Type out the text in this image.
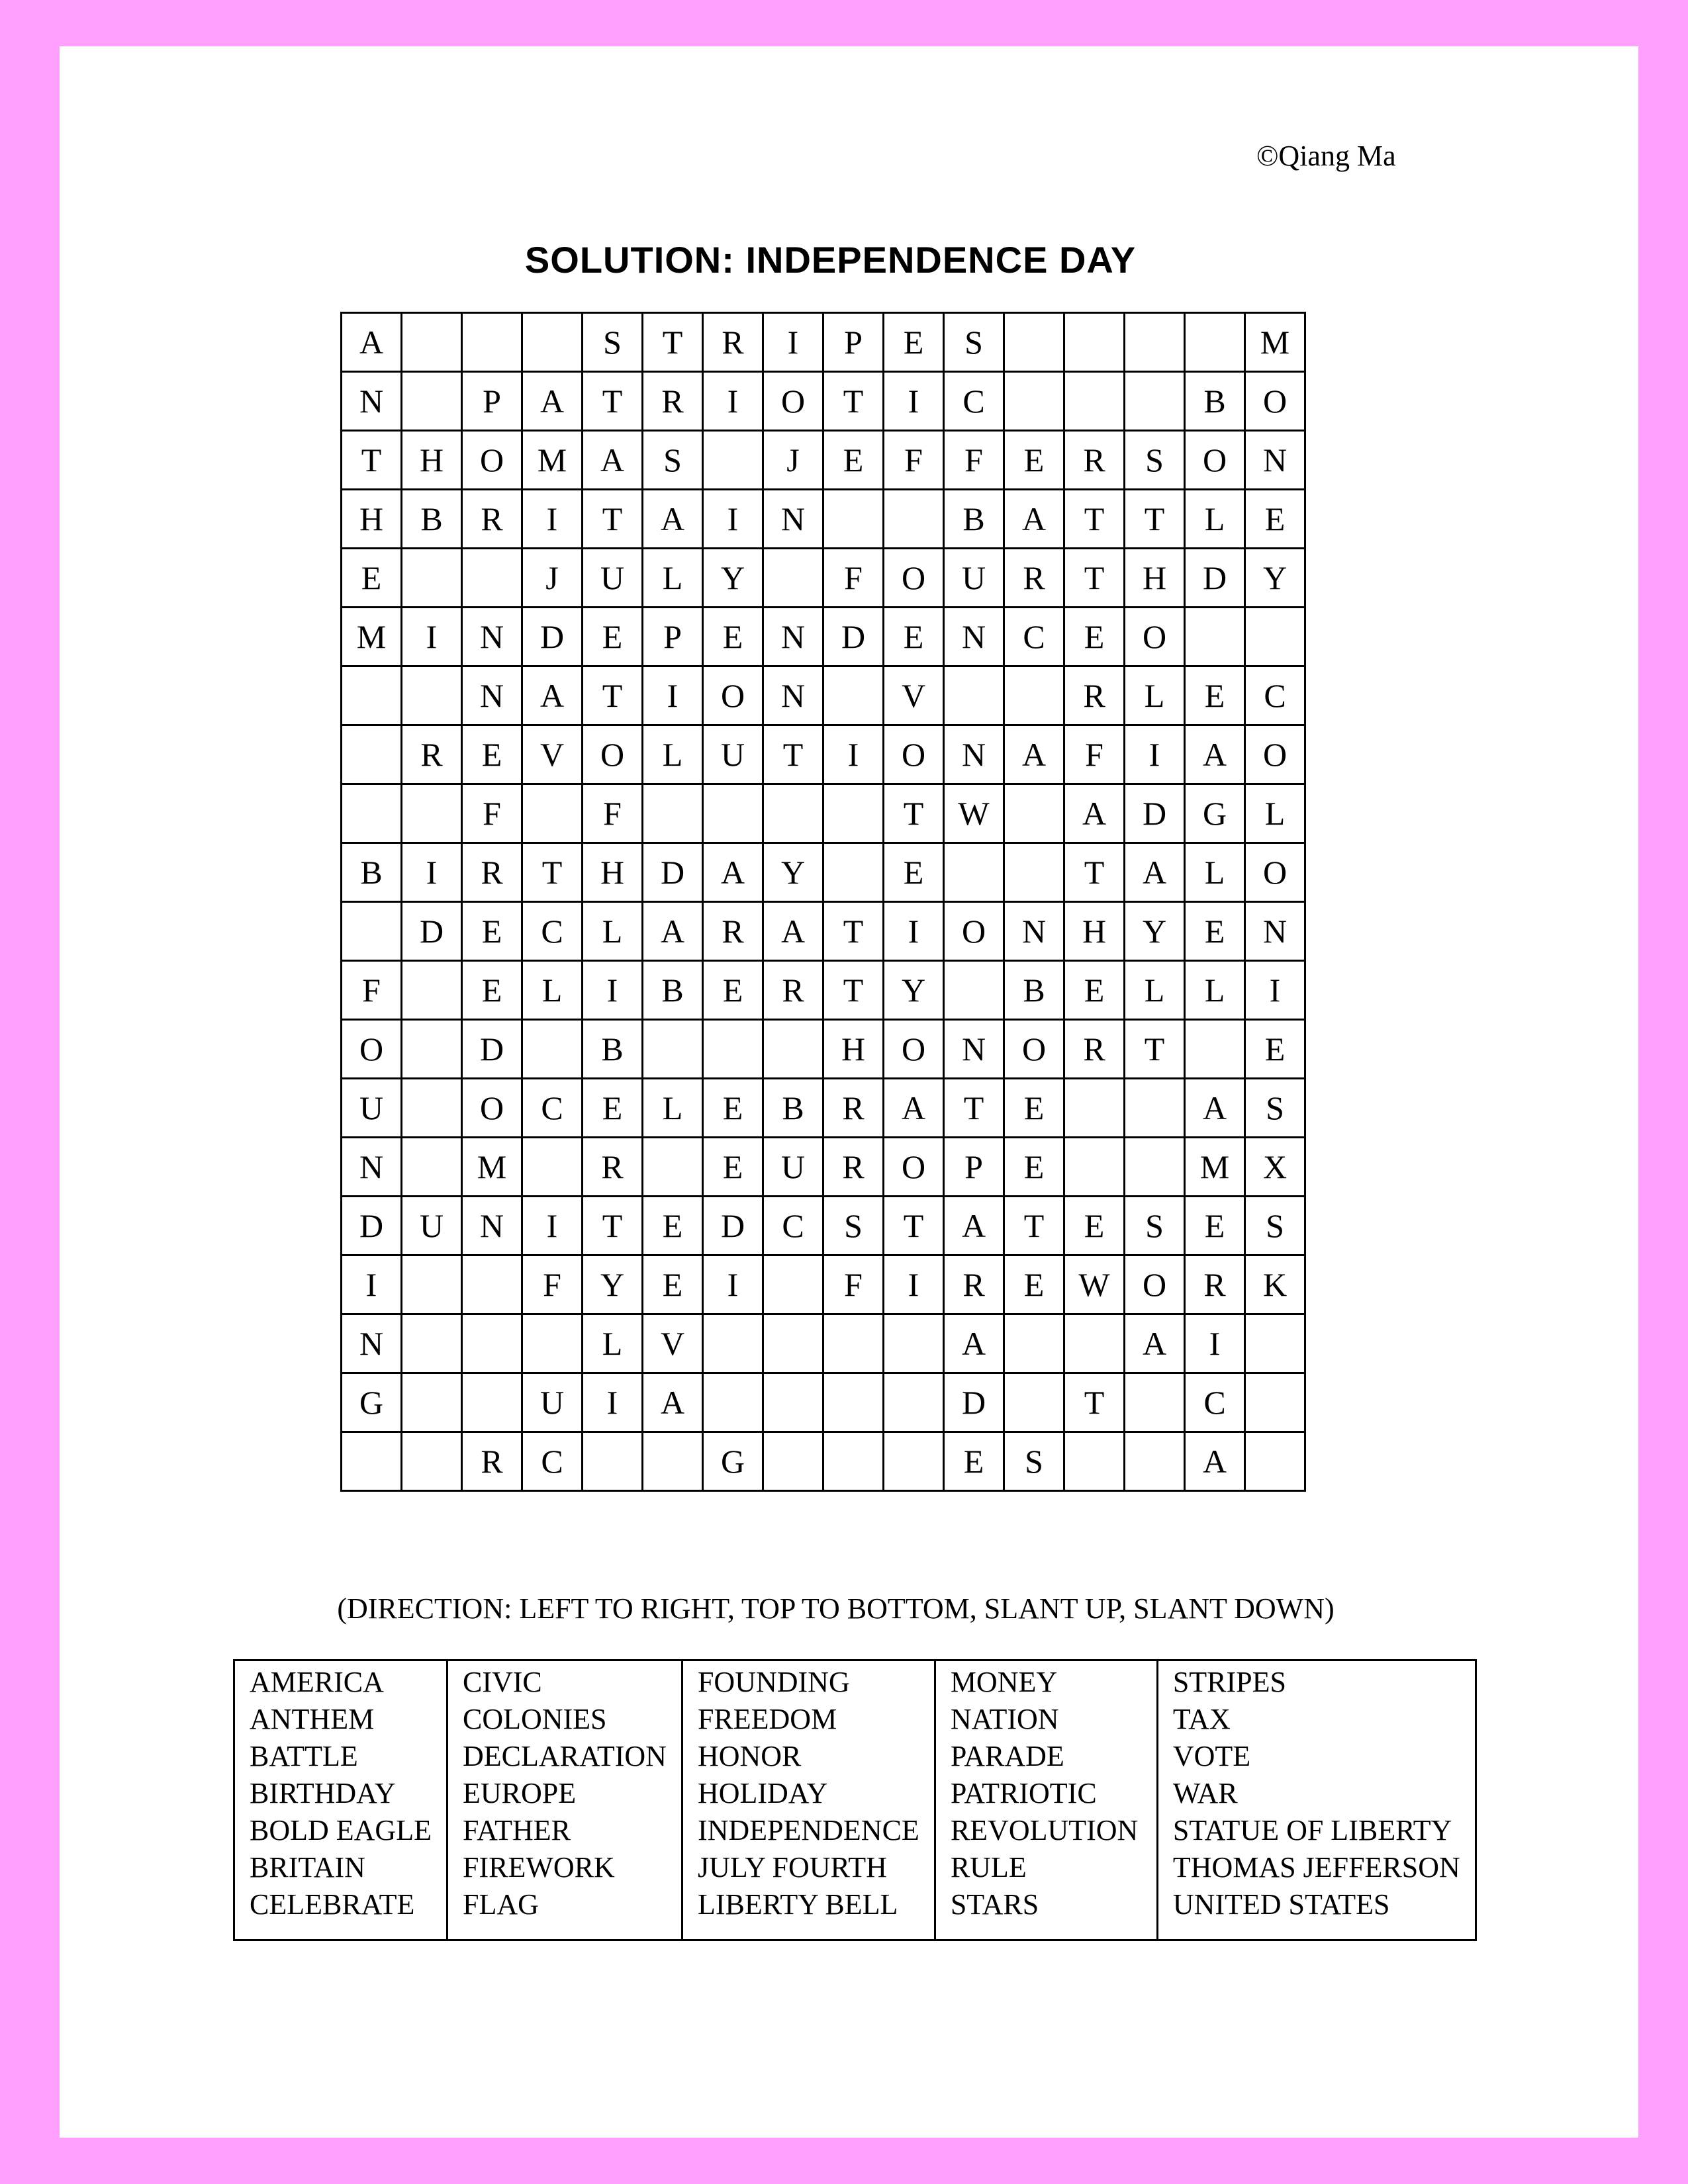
©Qiang Ma
SOLUTION: INDEPENDENCE DAY
A				S	T	R	I	P	E	S					M
N		P	A	T	R	I	O	T	I	C				B	O
T	H	O	M	A	S		J	E	F	F	E	R	S	O	N
H	B	R	I	T	A	I	N			B	A	T	T	L	E
E			J	U	L	Y		F	O	U	R	T	H	D	Y
M	I	N	D	E	P	E	N	D	E	N	C	E	O		
		N	A	T	I	O	N		V			R	L	E	C
	R	E	V	O	L	U	T	I	O	N	A	F	I	A	O
		F		F					T	W		A	D	G	L
B	I	R	T	H	D	A	Y		E			T	A	L	O
	D	E	C	L	A	R	A	T	I	O	N	H	Y	E	N
F		E	L	I	B	E	R	T	Y		B	E	L	L	I
O		D		B				H	O	N	O	R	T		E
U		O	C	E	L	E	B	R	A	T	E			A	S
N		M		R		E	U	R	O	P	E			M	X
D	U	N	I	T	E	D	C	S	T	A	T	E	S	E	S
I			F	Y	E	I		F	I	R	E	W	O	R	K
N				L	V					A			A	I	
G			U	I	A					D		T		C	
		R	C			G				E	S			A	
(DIRECTION: LEFT TO RIGHT, TOP TO BOTTOM, SLANT UP, SLANT DOWN)
AMERICA
ANTHEM
BATTLE
BIRTHDAY
BOLD EAGLE
BRITAIN
CELEBRATE

CIVIC
COLONIES
DECLARATION
EUROPE
FATHER
FIREWORK
FLAG

FOUNDING
FREEDOM
HONOR
HOLIDAY
INDEPENDENCE
JULY FOURTH
LIBERTY BELL

MONEY
NATION
PARADE
PATRIOTIC
REVOLUTION
RULE
STARS

STRIPES
TAX
VOTE
WAR
STATUE OF LIBERTY
THOMAS JEFFERSON
UNITED STATES
